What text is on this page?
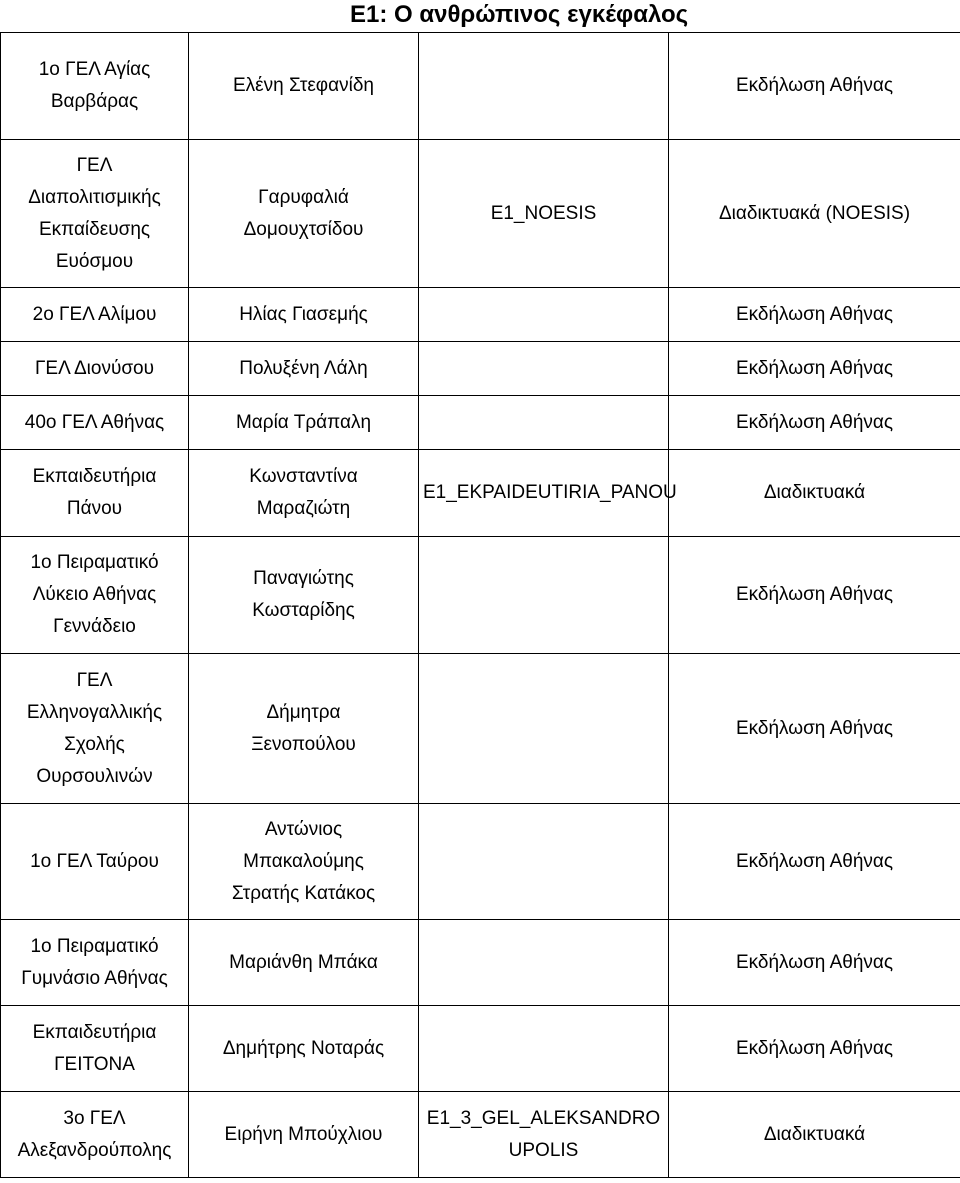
E1: Ο ανθρώπινος εγκέφαλος
1ο ΓΕΛ Αγίας Βαρβάρας	Ελένη Στεφανίδη		Εκδήλωση Αθήνας
ΓΕΛ Διαπολιτισμικής Εκπαίδευσης Ευόσμου	Γαρυφαλιά Δομουχτσίδου	E1_NOESIS	Διαδικτυακά (NOESIS)
2ο ΓΕΛ Αλίμου	Ηλίας Γιασεμής		Εκδήλωση Αθήνας
ΓΕΛ Διονύσου	Πολυξένη Λάλη		Εκδήλωση Αθήνας
40ο ΓΕΛ Αθήνας	Μαρία Τράπαλη		Εκδήλωση Αθήνας
Εκπαιδευτήρια Πάνου	Κωνσταντίνα Μαραζιώτη	E1_EKPAIDEUTIRIA_PANOU	Διαδικτυακά
1ο Πειραματικό Λύκειο Αθήνας Γεννάδειο	Παναγιώτης Κωσταρίδης		Εκδήλωση Αθήνας
ΓΕΛ Ελληνογαλλικής Σχολής Ουρσουλινών	Δήμητρα Ξενοπούλου		Εκδήλωση Αθήνας
1ο ΓΕΛ Ταύρου	Αντώνιος Μπακαλούμης Στρατής Κατάκος		Εκδήλωση Αθήνας
1ο Πειραματικό Γυμνάσιο Αθήνας	Μαριάνθη Μπάκα		Εκδήλωση Αθήνας
Εκπαιδευτήρια ΓΕΙΤΟΝΑ	Δημήτρης Νοταράς		Εκδήλωση Αθήνας
3ο ΓΕΛ Αλεξανδρούπολης	Ειρήνη Μπούχλιου	E1_3_GEL_ALEKSANDROUPOLIS	Διαδικτυακά
